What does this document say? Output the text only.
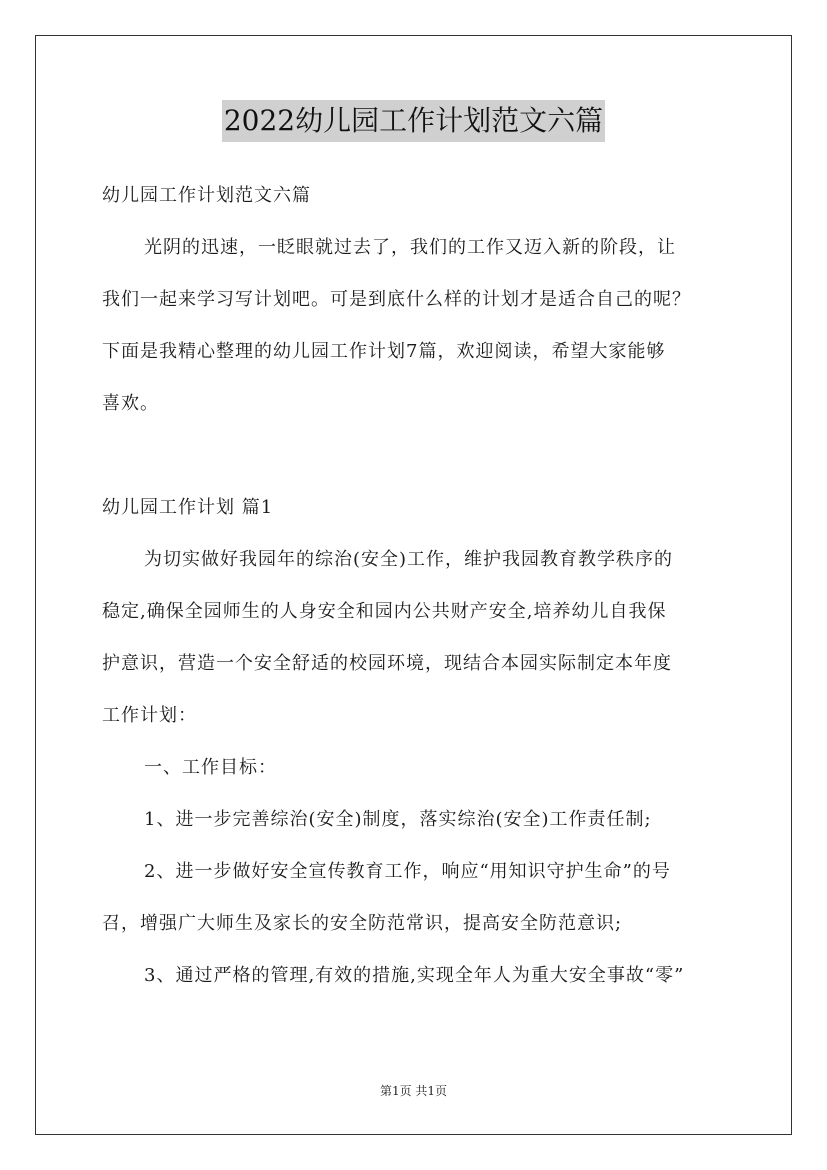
2022幼儿园工作计划范文六篇
幼儿园工作计划范文六篇
光阴的迅速，一眨眼就过去了，我们的工作又迈入新的阶段，让
我们一起来学习写计划吧。可是到底什么样的计划才是适合自己的呢？
下面是我精心整理的幼儿园工作计划7篇，欢迎阅读，希望大家能够
喜欢。
幼儿园工作计划 篇1
为切实做好我园年的综治(安全)工作，维护我园教育教学秩序的
稳定,确保全园师生的人身安全和园内公共财产安全,培养幼儿自我保
护意识，营造一个安全舒适的校园环境，现结合本园实际制定本年度
工作计划：
一、工作目标：
1、进一步完善综治(安全)制度，落实综治(安全)工作责任制;
2、进一步做好安全宣传教育工作，响应“用知识守护生命”的号
召，增强广大师生及家长的安全防范常识，提高安全防范意识;
3、通过严格的管理,有效的措施,实现全年人为重大安全事故“零”
第1页 共1页
